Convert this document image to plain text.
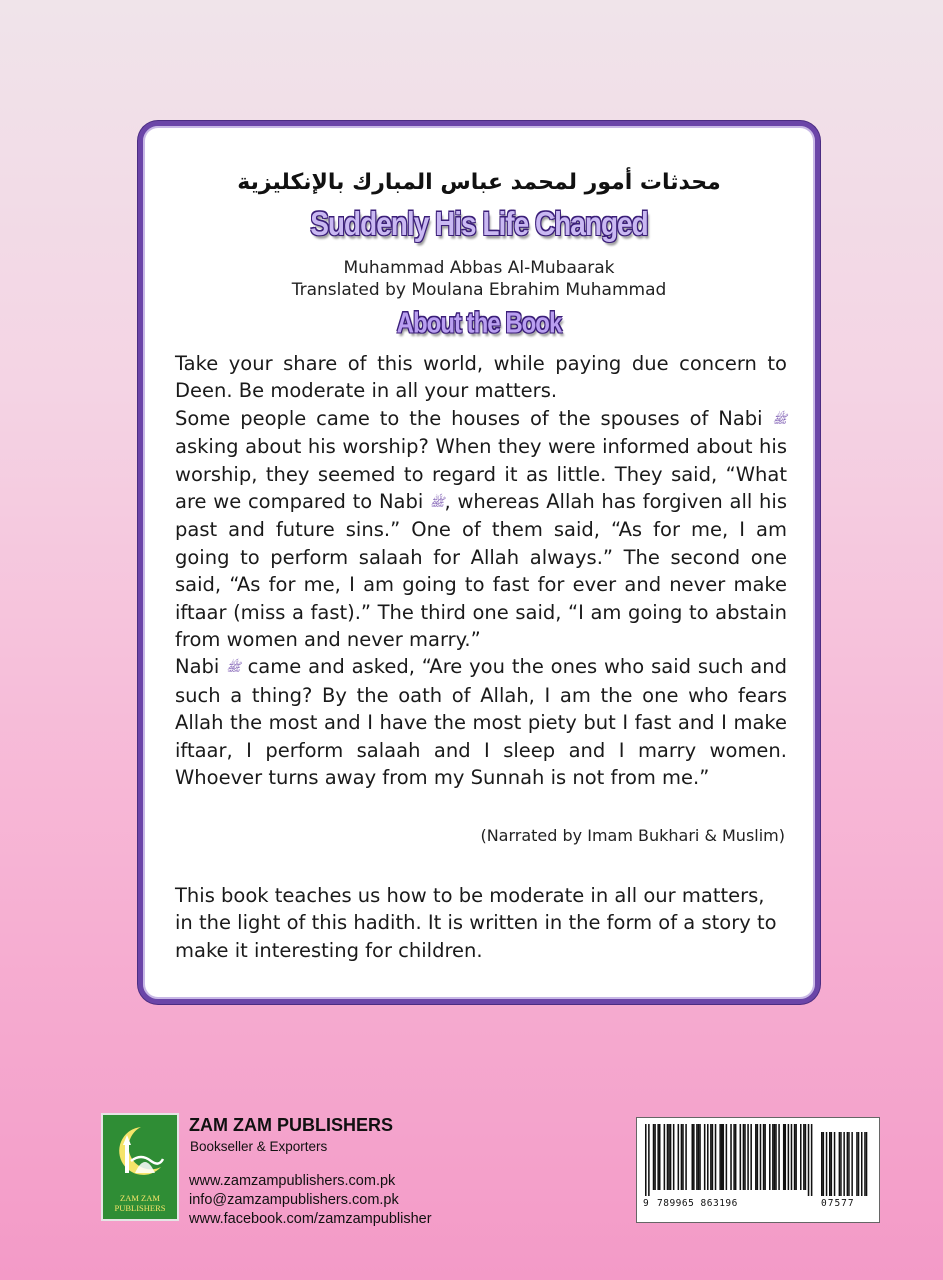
محدثات أمور لمحمد عباس المبارك بالإنكليزية
Suddenly His Life Changed
Muhammad Abbas Al-Mubaarak
Translated by Moulana Ebrahim Muhammad
About the Book

Take your share of this world, while paying due concern to Deen. Be moderate in all your matters.

Some people came to the houses of the spouses of Nabi ﷺ asking about his worship? When they were informed about his worship, they seemed to regard it as little. They said, “What are we compared to Nabi ﷺ, whereas Allah has forgiven all his past and future sins.” One of them said, “As for me, I am going to perform salaah for Allah always.” The second one said, “As for me, I am going to fast for ever and never make iftaar (miss a fast).” The third one said, “I am going to abstain from women and never marry.”

Nabi ﷺ came and asked, “Are you the ones who said such and such a thing? By the oath of Allah, I am the one who fears Allah the most and I have the most piety but I fast and I make iftaar, I perform salaah and I sleep and I marry women. Whoever turns away from my Sunnah is not from me.”

(Narrated by Imam Bukhari & Muslim)
This book teaches us how to be moderate in all our matters, in the light of this hadith. It is written in the form of a story to make it interesting for children.
ZAM ZAM
PUBLISHERS
ZAM ZAM PUBLISHERS
Bookseller & Exporters
www.zamzampublishers.com.pk
info@zamzampublishers.com.pk
www.facebook.com/zamzampublisher
9 789965 863196	07577
